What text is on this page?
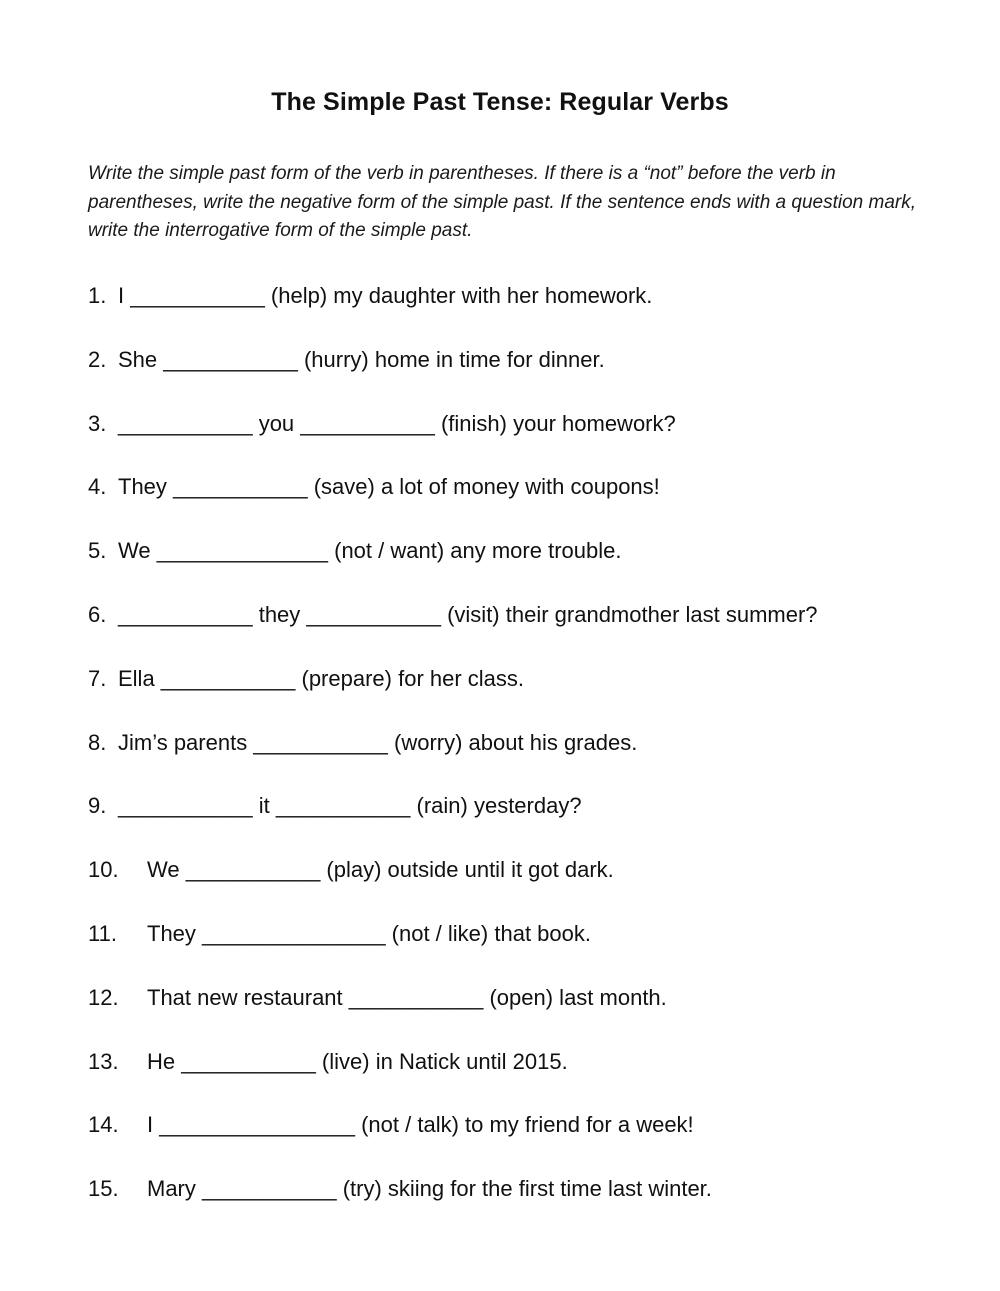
The Simple Past Tense: Regular Verbs
Write the simple past form of the verb in parentheses. If there is a “not” before the verb in parentheses, write the negative form of the simple past. If the sentence ends with a question mark, write the interrogative form of the simple past.
1. I ___________ (help) my daughter with her homework.
2. She ___________ (hurry) home in time for dinner.
3. ___________ you ___________ (finish) your homework?
4. They ___________ (save) a lot of money with coupons!
5. We ______________ (not / want) any more trouble.
6. ___________ they ___________ (visit) their grandmother last summer?
7. Ella ___________ (prepare) for her class.
8. Jim’s parents ___________ (worry) about his grades.
9. ___________ it ___________ (rain) yesterday?
10. We ___________ (play) outside until it got dark.
11. They _______________ (not / like) that book.
12. That new restaurant ___________ (open) last month.
13. He ___________ (live) in Natick until 2015.
14. I ________________ (not / talk) to my friend for a week!
15. Mary ___________ (try) skiing for the first time last winter.
